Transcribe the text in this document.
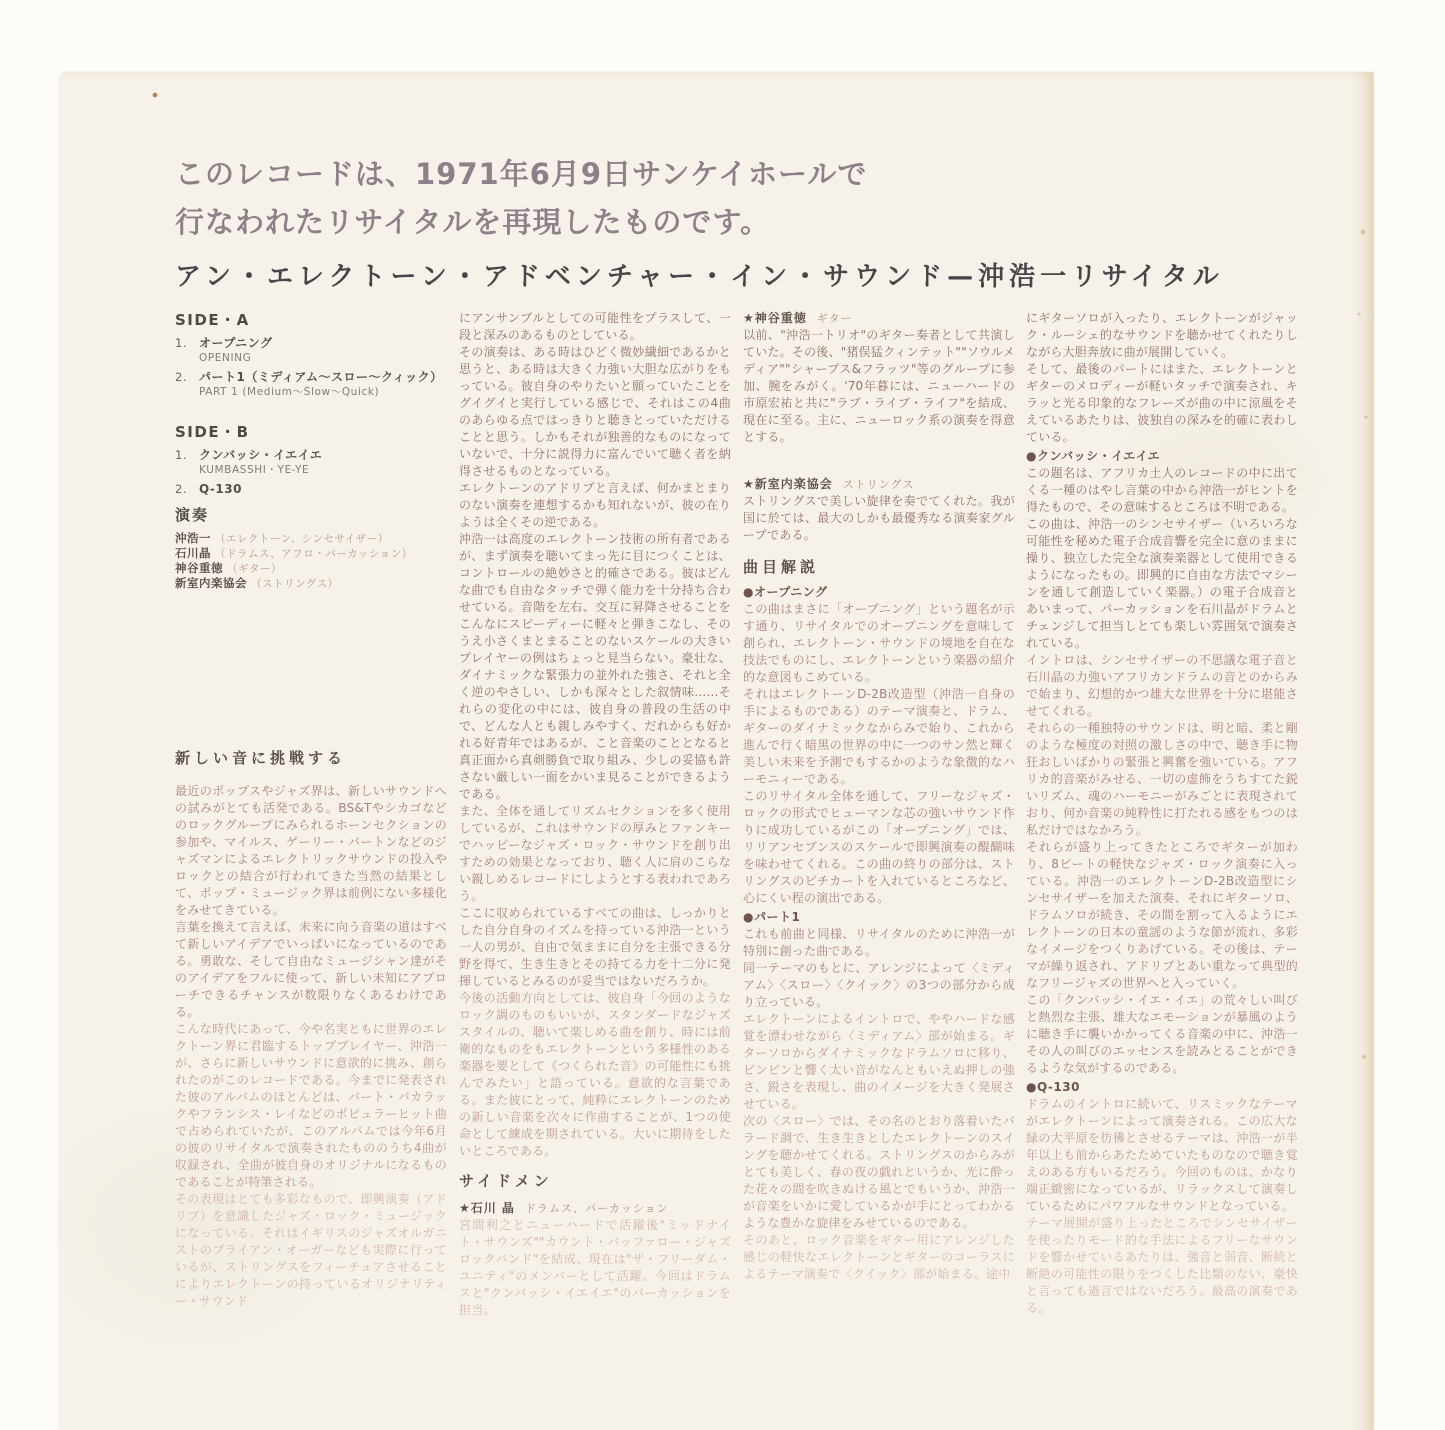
このレコードは、1971年6月9日サンケイホールで
行なわれたリサイタルを再現したものです。
アン・エレクトーン・アドベンチャー・イン・サウンド—沖浩一リサイタル
SIDE・A
1. オープニング
OPENING
2. パート1（ミディアム〜スロー〜クィック）
PART 1 (Medium〜Slow〜Quick)
SIDE・B
1. クンバッシ・イエイエ
KUMBASSHI・YE-YE
2. Q-130
演奏
沖浩一 （エレクトーン、シンセサイザー）
石川晶 （ドラムス、アフロ・パーカッション）
神谷重徳 （ギター）
新室内楽協会 （ストリングス）
新しい音に挑戦する

最近のポップスやジャズ界は、新しいサウンドへの試みがとても活発である。BS&Tやシカゴなどのロックグループにみられるホーンセクションの参加や、マイルス、ゲーリー・バートンなどのジャズマンによるエレクトリックサウンドの投入やロックとの結合が行われてきた当然の結果として、ポップ・ミュージック界は前例にない多様化をみせてきている。

言葉を換えて言えば、未来に向う音楽の道はすべて新しいアイデアでいっぱいになっているのである。勇敢な、そして自由なミュージシャン達がそのアイデアをフルに使って、新しい未知にアプローチできるチャンスが数限りなくあるわけである。

こんな時代にあって、今や名実ともに世界のエレクトーン界に君臨するトッププレイヤー、沖浩一が、さらに新しいサウンドに意欲的に挑み、創られたのがこのレコードである。今までに発表された彼のアルバムのほとんどは、バート・バカラックやフランシス・レイなどのポピュラーヒット曲で占められていたが、このアルバムでは今年6月の彼のリサイタルで演奏されたもののうち4曲が収録され、全曲が彼自身のオリジナルになるものであることが特筆される。

その表現はとても多彩なもので、即興演奏（アドリブ）を意識したジャズ・ロック・ミュージックになっている。それはイギリスのジャズオルガニストのブライアン・オーガーなども実際に行っているが、ストリングスをフィーチュアさせることによりエレクトーンの持っているオリジナリティー・サウンド

にアンサンブルとしての可能性をプラスして、一段と深みのあるものとしている。

その演奏は、ある時はひどく微妙繊細であるかと思うと、ある時は大きく力強い大胆な広がりをもっている。彼自身のやりたいと願っていたことをグイグイと実行している感じで、それはこの4曲のあらゆる点ではっきりと聴きとっていただけることと思う。しかもそれが独善的なものになっていないで、十分に説得力に富んでいて聴く者を納得させるものとなっている。

エレクトーンのアドリブと言えば、何かまとまりのない演奏を連想するかも知れないが、彼の在りようは全くその逆である。

沖浩一は高度のエレクトーン技術の所有者であるが、まず演奏を聴いてまっ先に目につくことは、コントロールの絶妙さと的確さである。彼はどんな曲でも自由なタッチで弾く能力を十分持ち合わせている。音階を左右、交互に昇降させることをこんなにスピーディーに軽々と弾きこなし、そのうえ小さくまとまることのないスケールの大きいプレイヤーの例はちょっと見当らない。豪壮な、ダイナミックな緊張力の並外れた強さ、それと全く逆のやさしい、しかも深々とした叙情味……それらの変化の中には、彼自身の普段の生活の中で、どんな人とも親しみやすく、だれからも好かれる好青年ではあるが、こと音楽のこととなると真正面から真剣勝負で取り組み、少しの妥協も許さない厳しい一面をかいま見ることができるようである。

また、全体を通してリズムセクションを多く使用しているが、これはサウンドの厚みとファンキーでハッピーなジャズ・ロック・サウンドを創り出すための効果となっており、聴く人に肩のこらない親しめるレコードにしようとする表われであろう。

ここに収められているすべての曲は、しっかりとした自分自身のイズムを持っている沖浩一という一人の男が、自由で気ままに自分を主張できる分野を得て、生き生きとその持てる力を十二分に発揮しているとみるのが妥当ではないだろうか。

今後の活動方向としては、彼自身「今回のようなロック調のものもいいが、スタンダードなジャズスタイルの、聴いて楽しめる曲を創り、時には前衛的なものをもエレクトーンという多様性のある楽器を要として《つくられた音》の可能性にも挑んでみたい」と語っている。意欲的な言葉である。また彼にとって、純粋にエレクトーンのための新しい音楽を次々に作曲することが、1つの使命として練成を期されている。大いに期待をしたいところである。

サイドメン
★石川 晶 ドラムス、パーカッション

宮間利之とニューハードで活躍後"ミッドナイト・サウンズ""カウント・バッファロー・ジャズロックバンド"を結成、現在は"ザ・フリーダム・ユニティ"のメンバーとして活躍。今回はドラムスと"クンバッシ・イエイエ"のパーカッションを担当。

★神谷重徳 ギター

以前、"沖浩一トリオ"のギター奏者として共演していた。その後、"猪俣猛クィンテット""ソウルメディア""シャープス&フラッツ"等のグループに参加、腕をみがく。'70年暮には、ニューハードの市原宏祐と共に"ラブ・ライブ・ライフ"を結成、現在に至る。主に、ニューロック系の演奏を得意とする。

★新室内楽協会 ストリングス

ストリングスで美しい旋律を奏でてくれた。我が国に於ては、最大のしかも最優秀なる演奏家グループである。

曲目解説
●オープニング

この曲はまさに「オープニング」という題名が示す通り、リサイタルでのオープニングを意味して創られ、エレクトーン・サウンドの境地を自在な技法でものにし、エレクトーンという楽器の紹介的な意図もこめている。

それはエレクトーンD-2B改造型（沖浩一自身の手によるものである）のテーマ演奏と、ドラム、ギターのダイナミックなからみで始り、これから進んで行く暗黒の世界の中に一つのサン然と輝く美しい未来を予測でもするかのような象徴的なハーモニィーである。

このリサイタル全体を通して、フリーなジャズ・ロックの形式でヒューマンな芯の強いサウンド作りに成功しているがこの「オープニング」では、リリアンセブンスのスケールで即興演奏の醍醐味を味わせてくれる。この曲の終りの部分は、ストリングスのピチカートを入れているところなど、心にくい程の演出である。

●パート1

これも前曲と同様、リサイタルのために沖浩一が特別に創った曲である。

同一テーマのもとに、アレンジによって〈ミディアム〉〈スロー〉〈クイック〉の3つの部分から成り立っている。

エレクトーンによるイントロで、ややハードな感覚を漂わせながら〈ミディアム〉部が始まる。ギターソロからダイナミックなドラムソロに移り、ビンビンと響く太い音がなんともいえぬ押しの強さ、鋭さを表現し、曲のイメージを大きく発展させている。

次の〈スロー〉では、その名のとおり落着いたバラード調で、生き生きとしたエレクトーンのスイングを聴かせてくれる。ストリングスのからみがとても美しく、春の夜の戯れというか、光に酔った花々の間を吹きぬける風とでもいうか、沖浩一が音楽をいかに愛しているかが手にとってわかるような豊かな旋律をみせているのである。

そのあと、ロック音楽をギター用にアレンジした感じの軽快なエレクトーンとギターのコーラスによるテーマ演奏で〈クイック〉部が始まる。途中

にギターソロが入ったり、エレクトーンがジャック・ルーシェ的なサウンドを聴かせてくれたりしながら大胆奔放に曲が展開していく。

そして、最後のパートにはまた、エレクトーンとギターのメロディーが軽いタッチで演奏され、キラッと光る印象的なフレーズが曲の中に涼風をそえているあたりは、彼独自の深みを的確に表わしている。

●クンバッシ・イエイエ

この題名は、アフリカ土人のレコードの中に出てくる一種のはやし言葉の中から沖浩一がヒントを得たもので、その意味するところは不明である。

この曲は、沖浩一のシンセサイザー（いろいろな可能性を秘めた電子合成音響を完全に意のままに操り、独立した完全な演奏楽器として使用できるようになったもの。即興的に自由な方法でマシーンを通して創造していく楽器。）の電子合成音とあいまって、パーカッションを石川晶がドラムとチェンジして担当しとても楽しい雰囲気で演奏されている。

イントロは、シンセサイザーの不思議な電子音と石川晶の力強いアフリカンドラムの音とのからみで始まり、幻想的かつ雄大な世界を十分に堪能させてくれる。

それらの一種独特のサウンドは、明と暗、柔と剛のような極度の対照の激しさの中で、聴き手に物狂おしいばかりの緊張と興奮を強いている。アフリカ的音楽がみせる、一切の虚飾をうちすてた鋭いリズム、魂のハーモニーがみごとに表現されており、何か音楽の純粋性に打たれる感をもつのは私だけではなかろう。

それらが盛り上ってきたところでギターが加わり、8ビートの軽快なジャズ・ロック演奏に入っている。沖浩一のエレクトーンD-2B改造型にシンセサイザーを加えた演奏、それにギターソロ、ドラムソロが続き、その間を割って入るようにエレクトーンの日本の童謡のような節が流れ、多彩なイメージをつくりあげている。その後は、テーマが繰り返され、アドリブとあい重なって典型的なフリージャズの世界へと入っていく。

この「クンバッシ・イエ・イエ」の荒々しい叫びと熱烈な主張、雄大なエモーションが暴風のように聴き手に襲いかかってくる音楽の中に、沖浩一その人の叫びのエッセンスを読みとることができるような気がするのである。

●Q-130

ドラムのイントロに続いて、リスミックなテーマがエレクトーンによって演奏される。この広大な緑の大平原を彷彿とさせるテーマは、沖浩一が半年以上も前からあたためていたものなので聴き覚えのある方もいるだろう。今回のものは、かなり端正緻密になっているが、リラックスして演奏しているためにパワフルなサウンドとなっている。

テーマ展開が盛り上ったところでシンセサイザーを使ったりモード的な手法によるフリーなサウンドを響かせているあたりは、強音と弱音、断続と断絶の可能性の限りをつくした比類のない、豪快と言っても過言ではないだろう。最高の演奏である。
